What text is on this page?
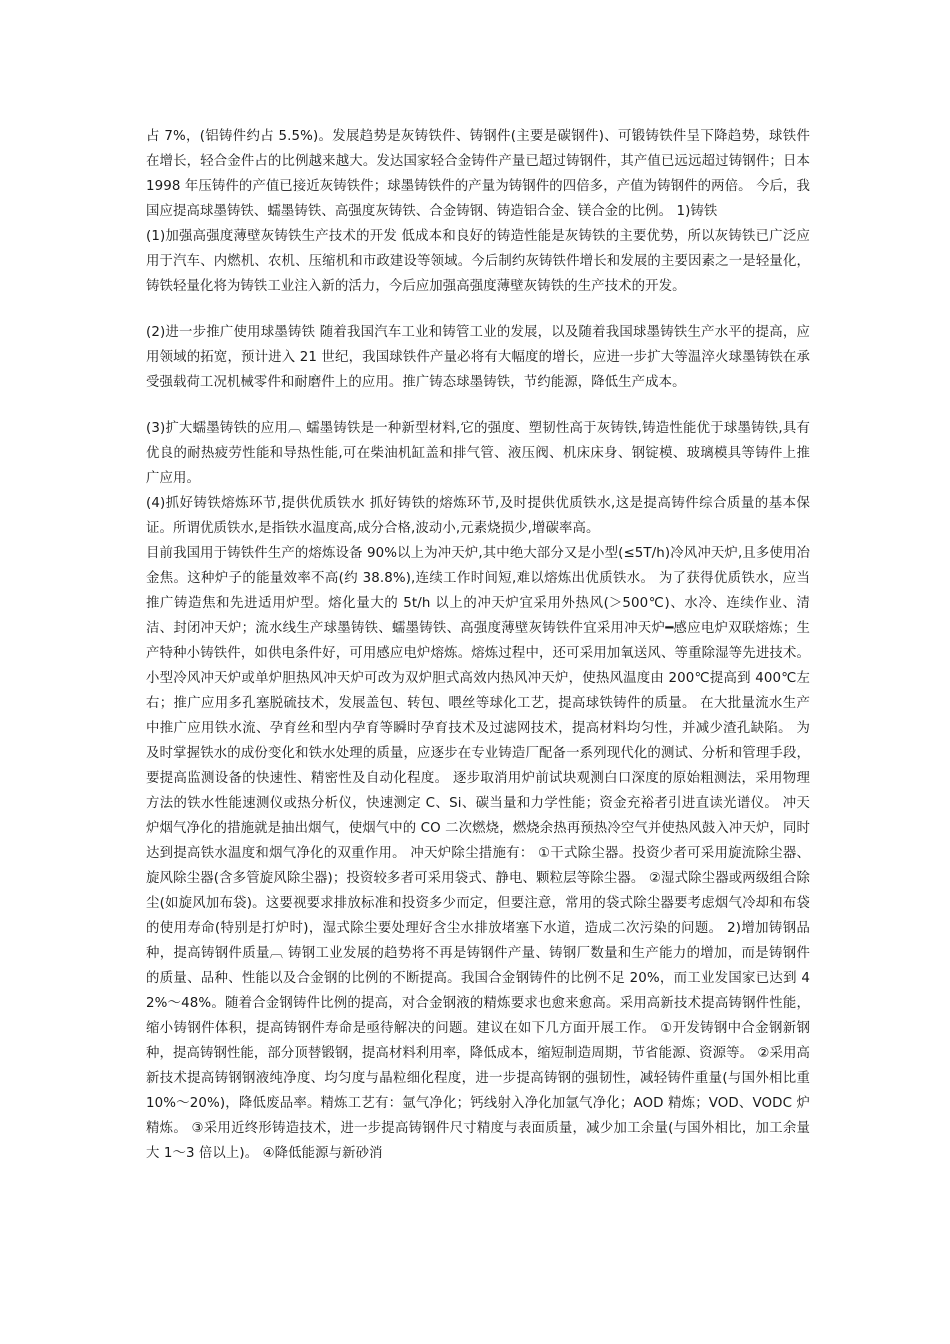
占 7%，(铝铸件约占 5.5%)。发展趋势是灰铸铁件、铸钢件(主要是碳钢件)、可锻铸铁件呈下降趋势，球铁件在增长，轻合金件占的比例越来越大。发达国家轻合金铸件产量已超过铸钢件，其产值已远远超过铸钢件；日本 1998 年压铸件的产值已接近灰铸铁件；球墨铸铁件的产量为铸钢件的四倍多，产值为铸钢件的两倍。 今后，我国应提高球墨铸铁、蠕墨铸铁、高强度灰铸铁、合金铸钢、铸造铝合金、镁合金的比例。 1)铸铁

(1)加强高强度薄壁灰铸铁生产技术的开发 低成本和良好的铸造性能是灰铸铁的主要优势，所以灰铸铁已广泛应用于汽车、内燃机、农机、压缩机和市政建设等领域。今后制约灰铸铁件增长和发展的主要因素之一是轻量化，铸铁轻量化将为铸铁工业注入新的活力，今后应加强高强度薄壁灰铸铁的生产技术的开发。

(2)进一步推广使用球墨铸铁 随着我国汽车工业和铸管工业的发展，以及随着我国球墨铸铁生产水平的提高，应用领域的拓宽，预计进入 21 世纪，我国球铁件产量必将有大幅度的增长，应进一步扩大等温淬火球墨铸铁在承受强载荷工况机械零件和耐磨件上的应用。推广铸态球墨铸铁，节约能源，降低生产成本。

(3)扩大蠕墨铸铁的应用︹ 蠕墨铸铁是一种新型材料,它的强度、塑韧性高于灰铸铁,铸造性能优于球墨铸铁,具有优良的耐热疲劳性能和导热性能,可在柴油机缸盖和排气管、液压阀、机床床身、钢锭模、玻璃模具等铸件上推广应用。

(4)抓好铸铁熔炼环节,提供优质铁水 抓好铸铁的熔炼环节,及时提供优质铁水,这是提高铸件综合质量的基本保证。所谓优质铁水,是指铁水温度高,成分合格,波动小,元素烧损少,增碳率高。

目前我国用于铸铁件生产的熔炼设备 90%以上为冲天炉,其中绝大部分又是小型(≤5T/h)冷风冲天炉,且多使用冶金焦。这种炉子的能量效率不高(约 38.8%),连续工作时间短,难以熔炼出优质铁水。 为了获得优质铁水，应当推广铸造焦和先进适用炉型。熔化量大的 5t/h 以上的冲天炉宜采用外热风(＞500℃)、水冷、连续作业、清洁、封闭冲天炉；流水线生产球墨铸铁、蠕墨铸铁、高强度薄壁灰铸铁件宜采用冲天炉━感应电炉双联熔炼；生产特种小铸铁件，如供电条件好，可用感应电炉熔炼。熔炼过程中，还可采用加氧送风、等重除湿等先进技术。 小型冷风冲天炉或单炉胆热风冲天炉可改为双炉胆式高效内热风冲天炉，使热风温度由 200℃提高到 400℃左右；推广应用多孔塞脱硫技术，发展盖包、转包、喂丝等球化工艺，提高球铁铸件的质量。 在大批量流水生产中推广应用铁水流、孕育丝和型内孕育等瞬时孕育技术及过滤网技术，提高材料均匀性，并减少渣孔缺陷。 为及时掌握铁水的成份变化和铁水处理的质量，应逐步在专业铸造厂配备一系列现代化的测试、分析和管理手段，要提高监测设备的快速性、精密性及自动化程度。 逐步取消用炉前试块观测白口深度的原始粗测法，采用物理方法的铁水性能速测仪或热分析仪，快速测定 C、Si、碳当量和力学性能；资金充裕者引进直读光谱仪。 冲天炉烟气净化的措施就是抽出烟气，使烟气中的 CO 二次燃烧，燃烧余热再预热冷空气并使热风鼓入冲天炉，同时达到提高铁水温度和烟气净化的双重作用。 冲天炉除尘措施有： ①干式除尘器。投资少者可采用旋流除尘器、旋风除尘器(含多管旋风除尘器)；投资较多者可采用袋式、静电、颗粒层等除尘器。 ②湿式除尘器或两级组合除尘(如旋风加布袋)。这要视要求排放标准和投资多少而定，但要注意，常用的袋式除尘器要考虑烟气冷却和布袋的使用寿命(特别是打炉时)，湿式除尘要处理好含尘水排放堵塞下水道，造成二次污染的问题。 2)增加铸钢品种，提高铸钢件质量︹ 铸钢工业发展的趋势将不再是铸钢件产量、铸钢厂数量和生产能力的增加，而是铸钢件的质量、品种、性能以及合金钢的比例的不断提高。我国合金钢铸件的比例不足 20%，而工业发国家已达到 42%～48%。随着合金钢铸件比例的提高，对合金钢液的精炼要求也愈来愈高。采用高新技术提高铸钢件性能，缩小铸钢件体积，提高铸钢件寿命是亟待解决的问题。建议在如下几方面开展工作。 ①开发铸钢中合金钢新钢种，提高铸钢性能，部分顶替锻钢，提高材料利用率，降低成本，缩短制造周期，节省能源、资源等。 ②采用高新技术提高铸钢钢液纯净度、均匀度与晶粒细化程度，进一步提高铸钢的强韧性，减轻铸件重量(与国外相比重 10%～20%)，降低废品率。精炼工艺有：氩气净化；钙线射入净化加氩气净化；AOD 精炼；VOD、VODC 炉精炼。 ③采用近终形铸造技术，进一步提高铸钢件尺寸精度与表面质量，减少加工余量(与国外相比，加工余量大 1～3 倍以上)。 ④降低能源与新砂消
